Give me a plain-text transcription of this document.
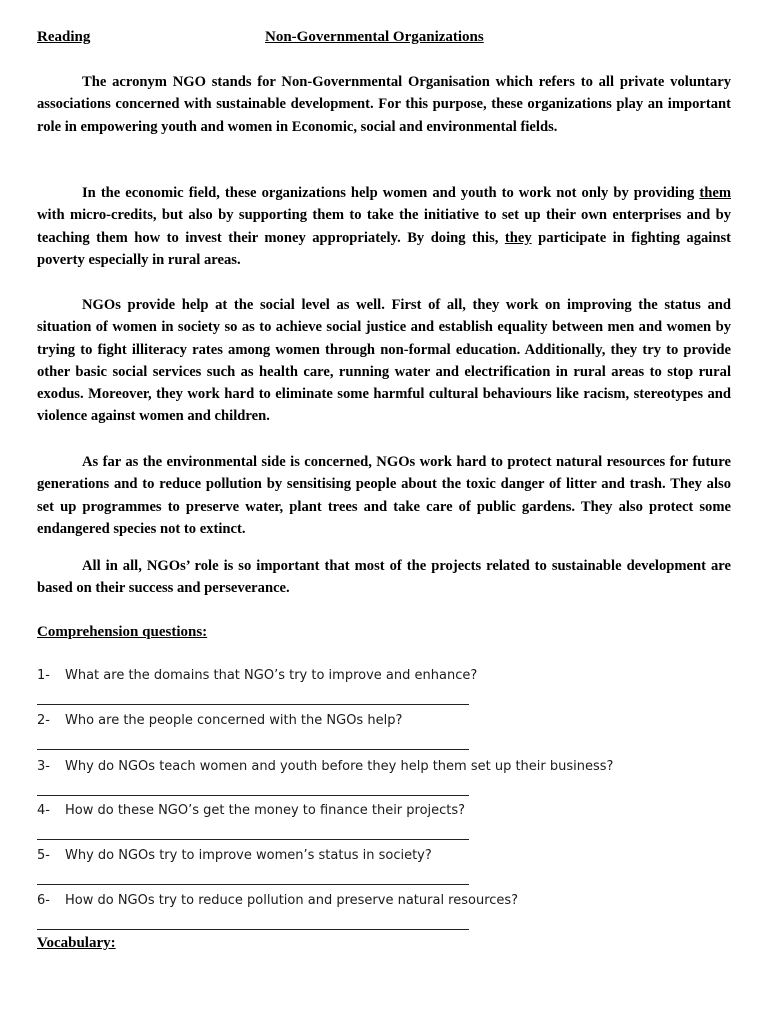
Reading	Non-Governmental Organizations

The acronym NGO stands for Non-Governmental Organisation which refers to all private voluntary associations concerned with sustainable development. For this purpose, these organizations play an important role in empowering youth and women in Economic, social and environmental fields.

In the economic field, these organizations help women and youth to work not only by providing them with micro-credits, but also by supporting them to take the initiative to set up their own enterprises and by teaching them how to invest their money appropriately. By doing this, they participate in fighting against poverty especially in rural areas.

NGOs provide help at the social level as well. First of all, they work on improving the status and situation of women in society so as to achieve social justice and establish equality between men and women by trying to fight illiteracy rates among women through non-formal education. Additionally, they try to provide other basic social services such as health care, running water and electrification in rural areas to stop rural exodus. Moreover, they work hard to eliminate some harmful cultural behaviours like racism, stereotypes and violence against women and children.

As far as the environmental side is concerned, NGOs work hard to protect natural resources for future generations and to reduce pollution by sensitising people about the toxic danger of litter and trash. They also set up programmes to preserve water, plant trees and take care of public gardens. They also protect some endangered species not to extinct.

All in all, NGOs’ role is so important that most of the projects related to sustainable development are based on their success and perseverance.

Comprehension questions:
1- What are the domains that NGO’s try to improve and enhance?
2- Who are the people concerned with the NGOs help?
3- Why do NGOs teach women and youth before they help them set up their business?
4- How do these NGO’s get the money to finance their projects?
5- Why do NGOs try to improve women’s status in society?
6- How do NGOs try to reduce pollution and preserve natural resources?
Vocabulary:
